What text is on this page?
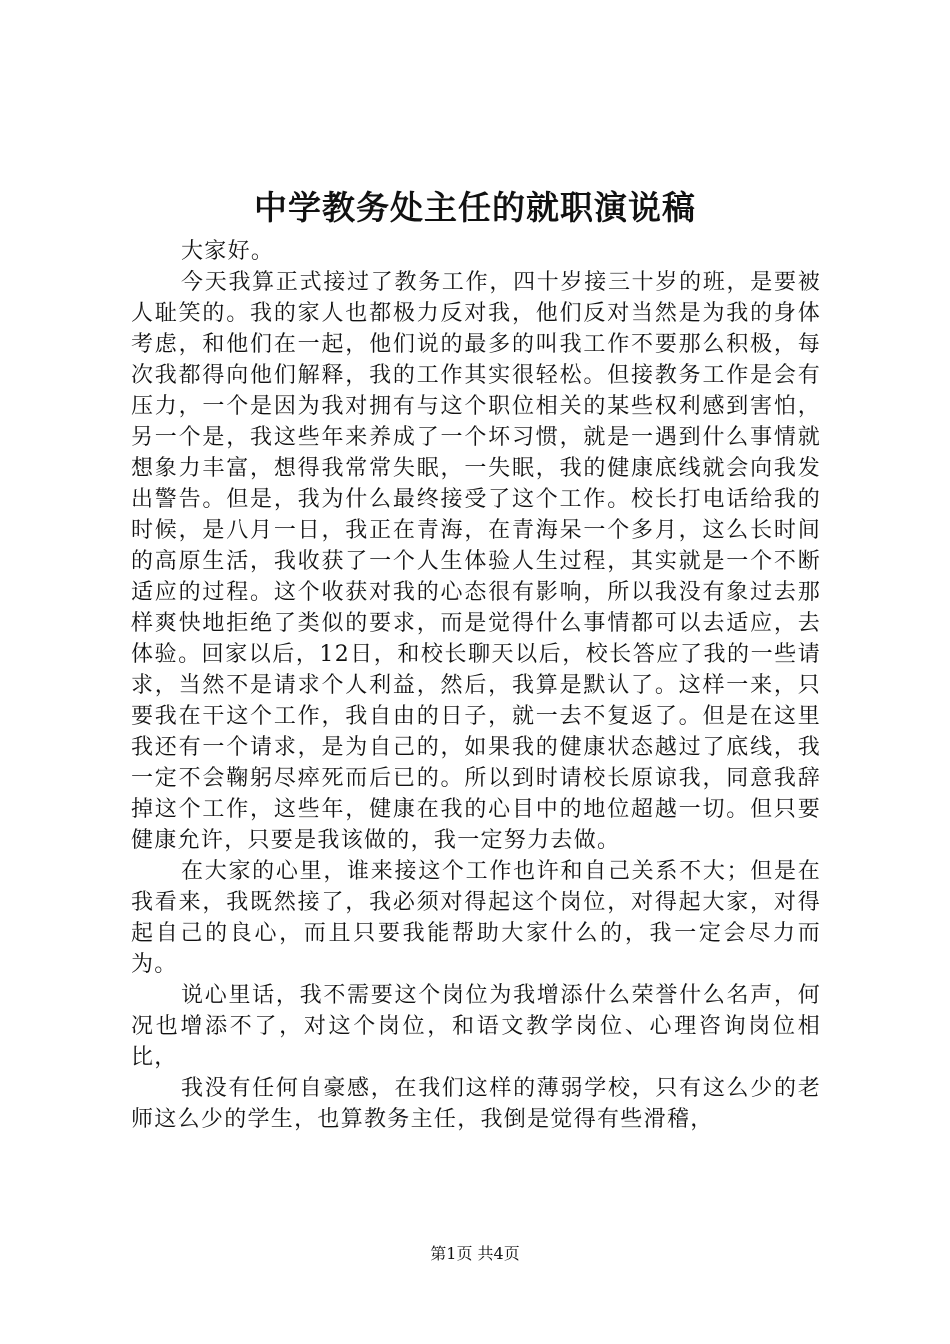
中学教务处主任的就职演说稿

大家好。

今天我算正式接过了教务工作，四十岁接三十岁的班，是要被人耻笑的。我的家人也都极力反对我，他们反对当然是为我的身体考虑，和他们在一起，他们说的最多的叫我工作不要那么积极，每次我都得向他们解释，我的工作其实很轻松。但接教务工作是会有压力，一个是因为我对拥有与这个职位相关的某些权利感到害怕，另一个是，我这些年来养成了一个坏习惯，就是一遇到什么事情就想象力丰富，想得我常常失眠，一失眠，我的健康底线就会向我发出警告。但是，我为什么最终接受了这个工作。校长打电话给我的时候，是八月一日，我正在青海，在青海呆一个多月，这么长时间的高原生活，我收获了一个人生体验人生过程，其实就是一个不断适应的过程。这个收获对我的心态很有影响，所以我没有象过去那样爽快地拒绝了类似的要求，而是觉得什么事情都可以去适应，去体验。回家以后，12日，和校长聊天以后，校长答应了我的一些请求，当然不是请求个人利益，然后，我算是默认了。这样一来，只要我在干这个工作，我自由的日子，就一去不复返了。但是在这里我还有一个请求，是为自己的，如果我的健康状态越过了底线，我一定不会鞠躬尽瘁死而后已的。所以到时请校长原谅我，同意我辞掉这个工作，这些年，健康在我的心目中的地位超越一切。但只要健康允许，只要是我该做的，我一定努力去做。

在大家的心里，谁来接这个工作也许和自己关系不大；但是在我看来，我既然接了，我必须对得起这个岗位，对得起大家，对得起自己的良心，而且只要我能帮助大家什么的，我一定会尽力而为。

说心里话，我不需要这个岗位为我增添什么荣誉什么名声，何况也增添不了，对这个岗位，和语文教学岗位、心理咨询岗位相比，

我没有任何自豪感，在我们这样的薄弱学校，只有这么少的老师这么少的学生，也算教务主任，我倒是觉得有些滑稽，

第1页 共4页
